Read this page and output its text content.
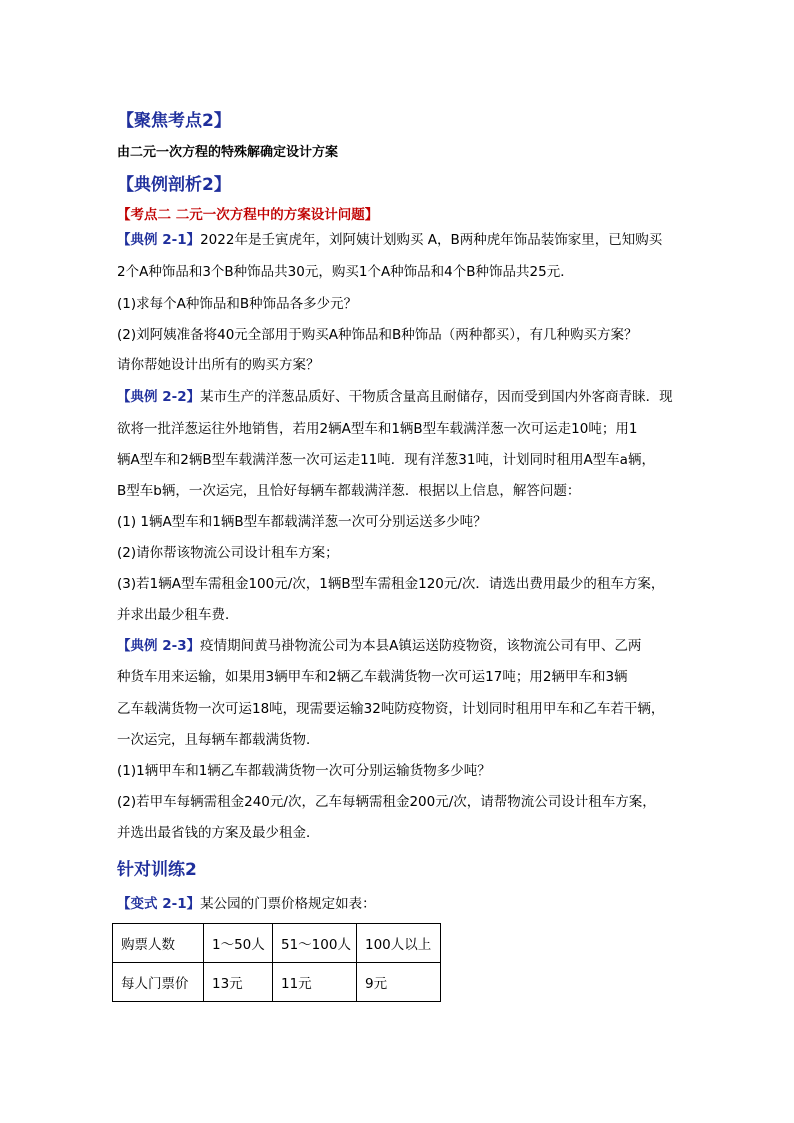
【聚焦考点2】
由二元一次方程的特殊解确定设计方案
【典例剖析2】
【考点二 二元一次方程中的方案设计问题】
【典例 2-1】2022年是壬寅虎年，刘阿姨计划购买 A，B两种虎年饰品装饰家里，已知购买
2个A种饰品和3个B种饰品共30元，购买1个A种饰品和4个B种饰品共25元．
(1)求每个A种饰品和B种饰品各多少元？
(2)刘阿姨准备将40元全部用于购买A种饰品和B种饰品（两种都买），有几种购买方案？
请你帮她设计出所有的购买方案？
【典例 2-2】某市生产的洋葱品质好、干物质含量高且耐储存，因而受到国内外客商青睐．现
欲将一批洋葱运往外地销售，若用2辆A型车和1辆B型车载满洋葱一次可运走10吨；用1
辆A型车和2辆B型车载满洋葱一次可运走11吨．现有洋葱31吨，计划同时租用A型车a辆，
B型车b辆，一次运完，且恰好每辆车都载满洋葱．根据以上信息，解答问题：
(1) 1辆A型车和1辆B型车都载满洋葱一次可分别运送多少吨？
(2)请你帮该物流公司设计租车方案；
(3)若1辆A型车需租金100元/次，1辆B型车需租金120元/次．请选出费用最少的租车方案，
并求出最少租车费．
【典例 2-3】疫情期间黄马褂物流公司为本县A镇运送防疫物资，该物流公司有甲、乙两
种货车用来运输，如果用3辆甲车和2辆乙车载满货物一次可运17吨；用2辆甲车和3辆
乙车载满货物一次可运18吨，现需要运输32吨防疫物资，计划同时租用甲车和乙车若干辆，
一次运完，且每辆车都载满货物．
(1)1辆甲车和1辆乙车都载满货物一次可分别运输货物多少吨？
(2)若甲车每辆需租金240元/次，乙车每辆需租金200元/次，请帮物流公司设计租车方案，
并选出最省钱的方案及最少租金．
针对训练2
【变式 2-1】某公园的门票价格规定如表：
购票人数	1～50人	51～100人	100人以上
每人门票价	13元	11元	9元
